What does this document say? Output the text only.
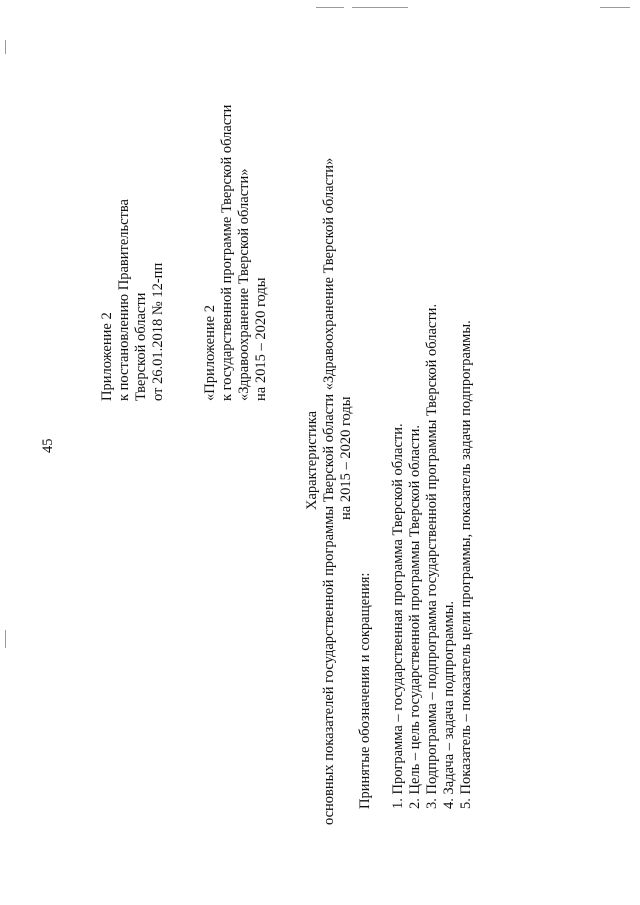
45
Приложение 2 к постановлению Правительства Тверской области от 26.01.2018 № 12-пп «Приложение 2 к государственной программе Тверской области «Здравоохранение Тверской области» на 2015 – 2020 годы
Характеристика основных показателей государственной программы Тверской области «Здравоохранение Тверской области» на 2015 – 2020 годы
Принятые обозначения и сокращения: 1. Программа – государственная программа Тверской области. 2. Цель – цель государственной программы Тверской области. 3. Подпрограмма – подпрограмма государственной программы Тверской области. 4. Задача – задача подпрограммы. 5. Показатель – показатель цели программы, показатель задачи подпрограммы.
